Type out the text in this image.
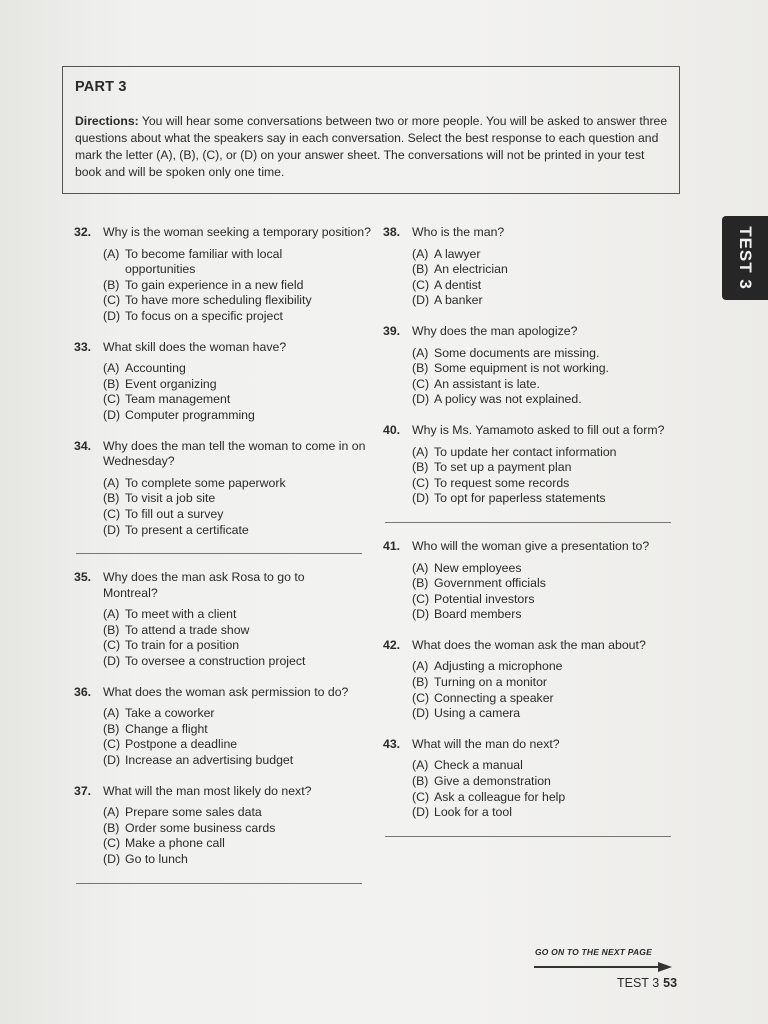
PART 3

Directions: You will hear some conversations between two or more people. You will be asked to answer three questions about what the speakers say in each conversation. Select the best response to each question and mark the letter (A), (B), (C), or (D) on your answer sheet. The conversations will not be printed in your test book and will be spoken only one time.

TEST 3
32. Why is the woman seeking a temporary position?
(A) To become familiar with local opportunities
(B) To gain experience in a new field
(C) To have more scheduling flexibility
(D) To focus on a specific project
33. What skill does the woman have?
(A) Accounting
(B) Event organizing
(C) Team management
(D) Computer programming
34. Why does the man tell the woman to come in on Wednesday?
(A) To complete some paperwork
(B) To visit a job site
(C) To fill out a survey
(D) To present a certificate
35. Why does the man ask Rosa to go to Montreal?
(A) To meet with a client
(B) To attend a trade show
(C) To train for a position
(D) To oversee a construction project
36. What does the woman ask permission to do?
(A) Take a coworker
(B) Change a flight
(C) Postpone a deadline
(D) Increase an advertising budget
37. What will the man most likely do next?
(A) Prepare some sales data
(B) Order some business cards
(C) Make a phone call
(D) Go to lunch
38. Who is the man?
(A) A lawyer
(B) An electrician
(C) A dentist
(D) A banker
39. Why does the man apologize?
(A) Some documents are missing.
(B) Some equipment is not working.
(C) An assistant is late.
(D) A policy was not explained.
40. Why is Ms. Yamamoto asked to fill out a form?
(A) To update her contact information
(B) To set up a payment plan
(C) To request some records
(D) To opt for paperless statements
41. Who will the woman give a presentation to?
(A) New employees
(B) Government officials
(C) Potential investors
(D) Board members
42. What does the woman ask the man about?
(A) Adjusting a microphone
(B) Turning on a monitor
(C) Connecting a speaker
(D) Using a camera
43. What will the man do next?
(A) Check a manual
(B) Give a demonstration
(C) Ask a colleague for help
(D) Look for a tool
GO ON TO THE NEXT PAGE
TEST 3 53
